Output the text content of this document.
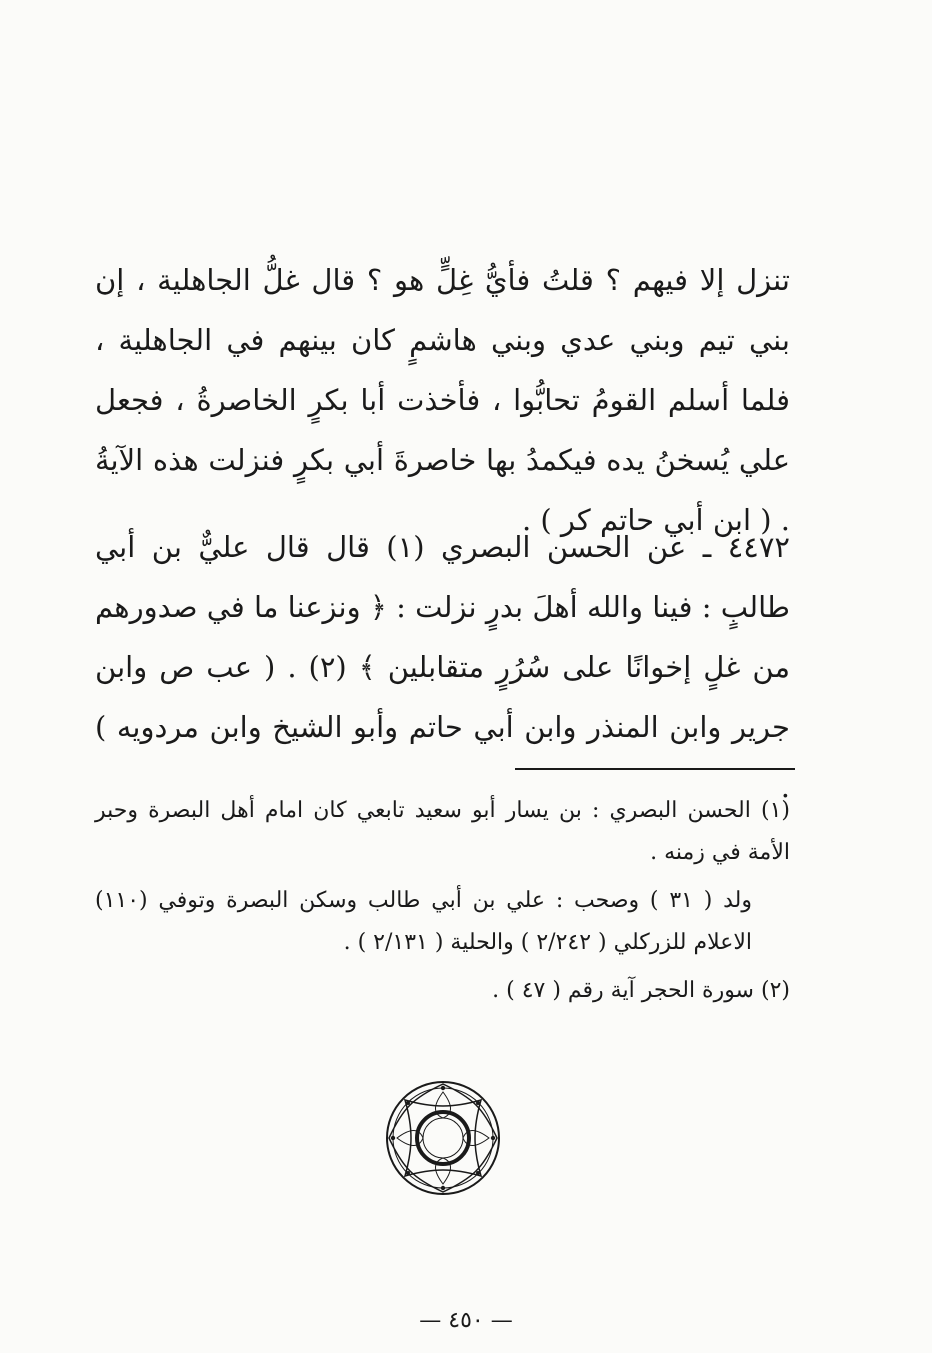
تنزل إلا فيهم ؟ قلتُ فأيُّ غِلٍّ هو ؟ قال غلُّ الجاهلية ، إن بني تيم وبني عدي وبني هاشمٍ كان بينهم في الجاهلية ، فلما أسلم القومُ تحابُّوا ، فأخذت أبا بكرٍ الخاصرةُ ، فجعل علي يُسخنُ يده فيكمدُ بها خاصرةَ أبي بكرٍ فنزلت هذه الآيةُ . ( ابن أبي حاتم كر ) .
٤٤٧٢ ـ عن الحسن البصري (١) قال قال عليٌّ بن أبي طالبٍ : فينا والله أهلَ بدرٍ نزلت : ﴿ ونزعنا ما في صدورهم من غلٍ إخوانًا على سُرُرٍ متقابلين ﴾ (٢) . ( عب ص وابن جرير وابن المنذر وابن أبي حاتم وأبو الشيخ وابن مردويه ) .

(١) الحسن البصري : بن يسار أبو سعيد تابعي كان امام أهل البصرة وحبر الأمة في زمنه .

ولد ( ٣١ ) وصحب : علي بن أبي طالب وسكن البصرة وتوفي (١١٠) الاعلام للزركلي ( ٢/٢٤٢ ) والحلية ( ٢/١٣١ ) .

(٢) سورة الحجر آية رقم ( ٤٧ ) .

— ٤٥٠ —
